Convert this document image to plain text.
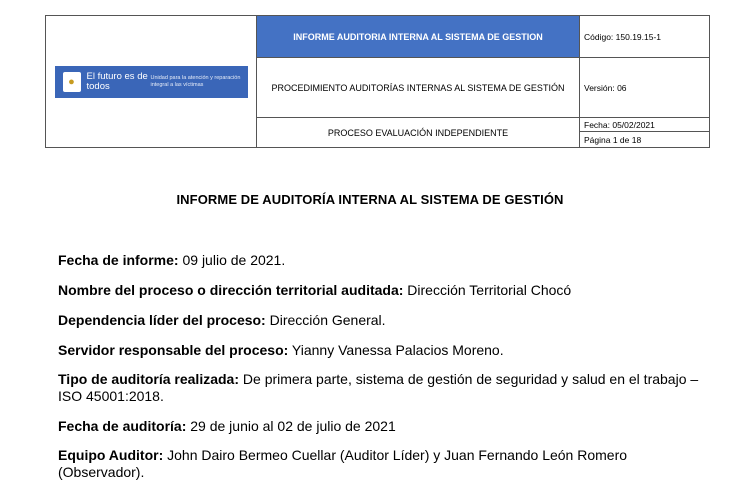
● El futuro es de todos
Unidad para la atención y reparación integral a las víctimas	INFORME AUDITORIA INTERNA AL SISTEMA DE GESTION	Código: 150.19.15-1
	PROCEDIMIENTO AUDITORÍAS INTERNAS AL SISTEMA DE GESTIÓN	Versión: 06
	PROCESO EVALUACIÓN INDEPENDIENTE	Fecha: 05/02/2021
		Página 1 de 18
INFORME DE AUDITORÍA INTERNA AL SISTEMA DE GESTIÓN
Fecha de informe: 09 julio de 2021.
Nombre del proceso o dirección territorial auditada: Dirección Territorial Chocó
Dependencia líder del proceso: Dirección General.
Servidor responsable del proceso: Yianny Vanessa Palacios Moreno.
Tipo de auditoría realizada: De primera parte, sistema de gestión de seguridad y salud en el trabajo – ISO 45001:2018.
Fecha de auditoría: 29 de junio al 02 de julio de 2021
Equipo Auditor: John Dairo Bermeo Cuellar (Auditor Líder) y Juan Fernando León Romero (Observador).
